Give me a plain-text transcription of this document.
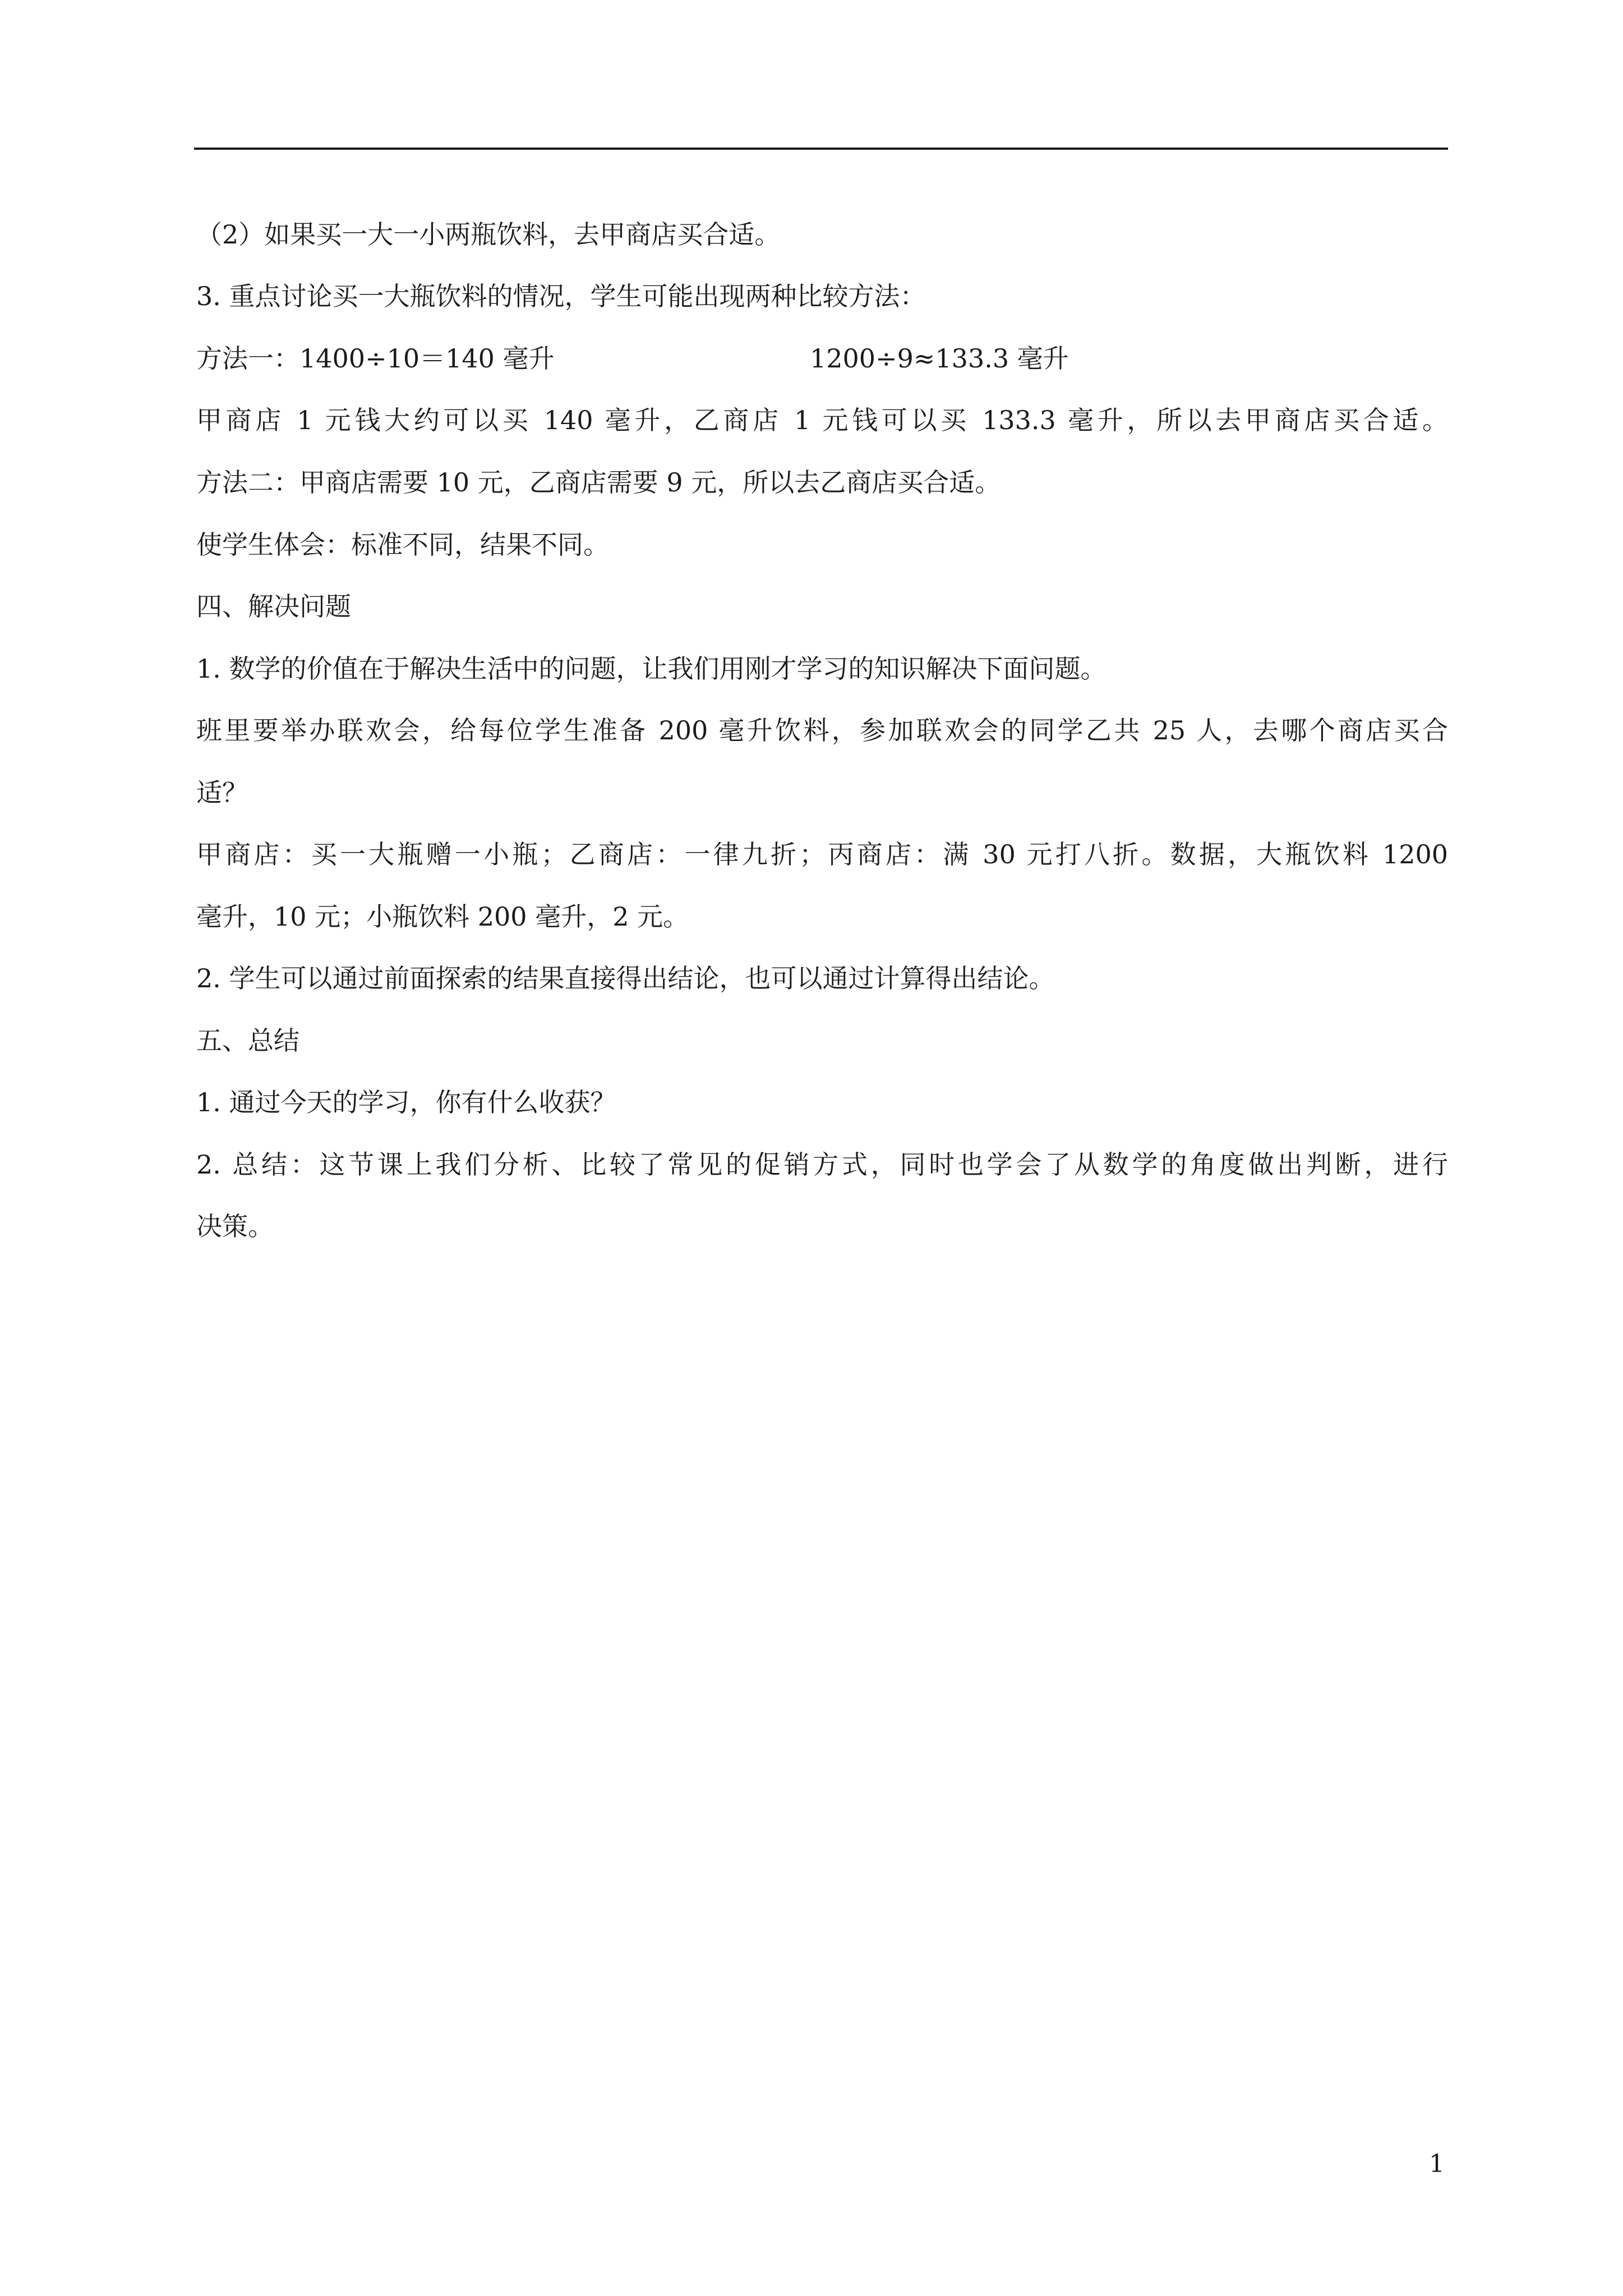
（2）如果买一大一小两瓶饮料，去甲商店买合适。
3. 重点讨论买一大瓶饮料的情况，学生可能出现两种比较方法：
方法一：1400÷10＝140 毫升	1200÷9≈133.3 毫升
甲商店 1 元钱大约可以买 140 毫升，乙商店 1 元钱可以买 133.3 毫升，所以去甲商店买合适。
方法二：甲商店需要 10 元，乙商店需要 9 元，所以去乙商店买合适。
使学生体会：标准不同，结果不同。
四、解决问题
1. 数学的价值在于解决生活中的问题，让我们用刚才学习的知识解决下面问题。
班里要举办联欢会，给每位学生准备 200 毫升饮料，参加联欢会的同学乙共 25 人，去哪个商店买合
适？
甲商店：买一大瓶赠一小瓶；乙商店：一律九折；丙商店：满 30 元打八折。数据，大瓶饮料 1200
毫升，10 元；小瓶饮料 200 毫升，2 元。
2. 学生可以通过前面探索的结果直接得出结论，也可以通过计算得出结论。
五、总结
1. 通过今天的学习，你有什么收获？
2. 总结：这节课上我们分析、比较了常见的促销方式，同时也学会了从数学的角度做出判断，进行
决策。
1
